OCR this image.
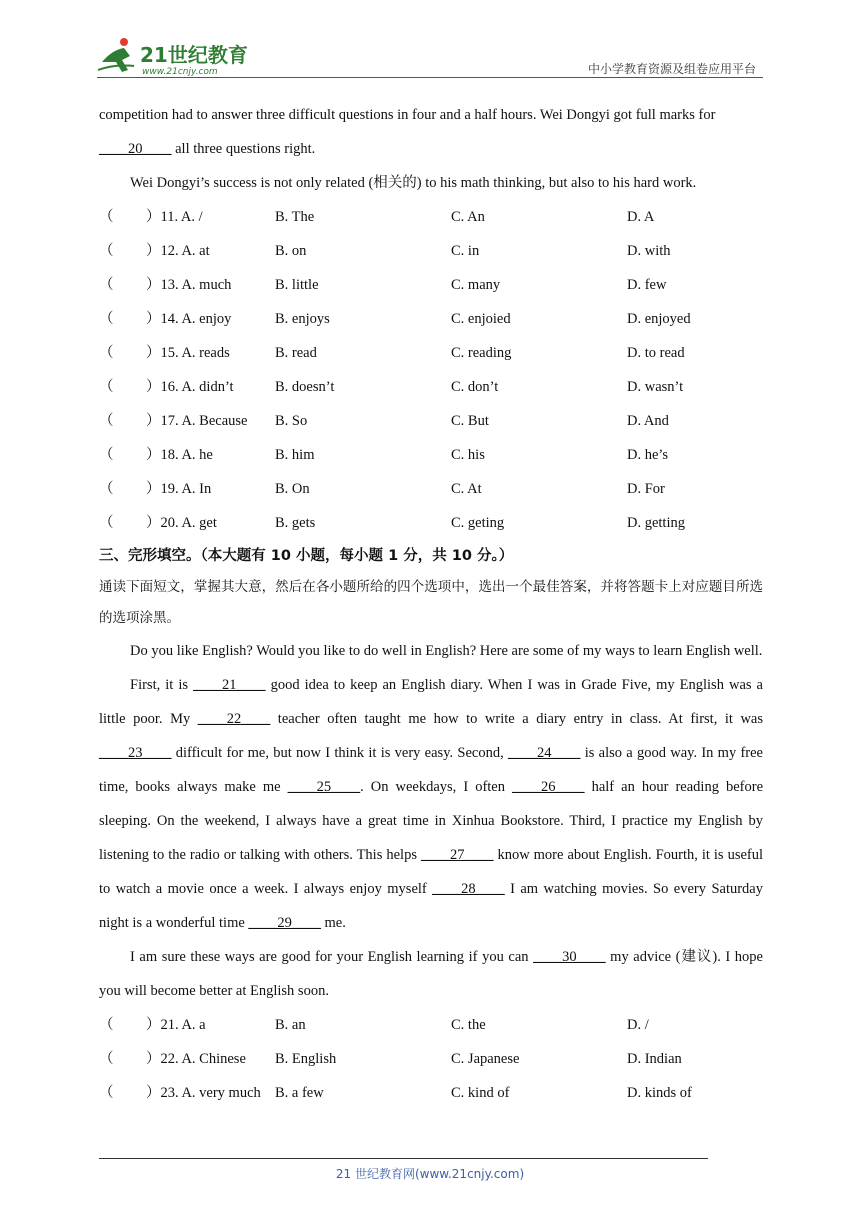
21世纪教育
www.21cnjy.com	中小学教育资源及组卷应用平台

competition had to answer three difficult questions in four and a half hours. Wei Dongyi got full marks for

____20____ all three questions right.

Wei Dongyi’s success is not only related (相关的) to his math thinking, but also to his hard work.

（ ）11. A. /	B. The	C. An	D. A
（ ）12. A. at	B. on	C. in	D. with
（ ）13. A. much	B. little	C. many	D. few
（ ）14. A. enjoy	B. enjoys	C. enjoied	D. enjoyed
（ ）15. A. reads	B. read	C. reading	D. to read
（ ）16. A. didn’t	B. doesn’t	C. don’t	D. wasn’t
（ ）17. A. Because B. So	C. But	D. And
（ ）18. A. he	B. him	C. his	D. he’s
（ ）19. A. In	B. On	C. At	D. For
（ ）20. A. get	B. gets	C. geting	D. getting
三、完形填空。（本大题有 10 小题，每小题 1 分，共 10 分。）

通读下面短文，掌握其大意，然后在各小题所给的四个选项中，选出一个最佳答案，并将答题卡上对应题目所选的选项涂黑。

Do you like English? Would you like to do well in English? Here are some of my ways to learn English well.

First, it is ____21____ good idea to keep an English diary. When I was in Grade Five, my English was a little poor. My ____22____ teacher often taught me how to write a diary entry in class. At first, it was ____23____ difficult for me, but now I think it is very easy. Second, ____24____ is also a good way. In my free time, books always make me ____25____. On weekdays, I often ____26____ half an hour reading before sleeping. On the weekend, I always have a great time in Xinhua Bookstore. Third, I practice my English by listening to the radio or talking with others. This helps ____27____ know more about English. Fourth, it is useful to watch a movie once a week. I always enjoy myself ____28____ I am watching movies. So every Saturday night is a wonderful time ____29____ me.

I am sure these ways are good for your English learning if you can ____30____ my advice (建议). I hope you will become better at English soon.

（ ）21. A. a	B. an	C. the	D. /
（ ）22. A. Chinese B. English	C. Japanese	D. Indian
（ ）23. A. very much B. a few	C. kind of	D. kinds of
21 世纪教育网(www.21cnjy.com)
